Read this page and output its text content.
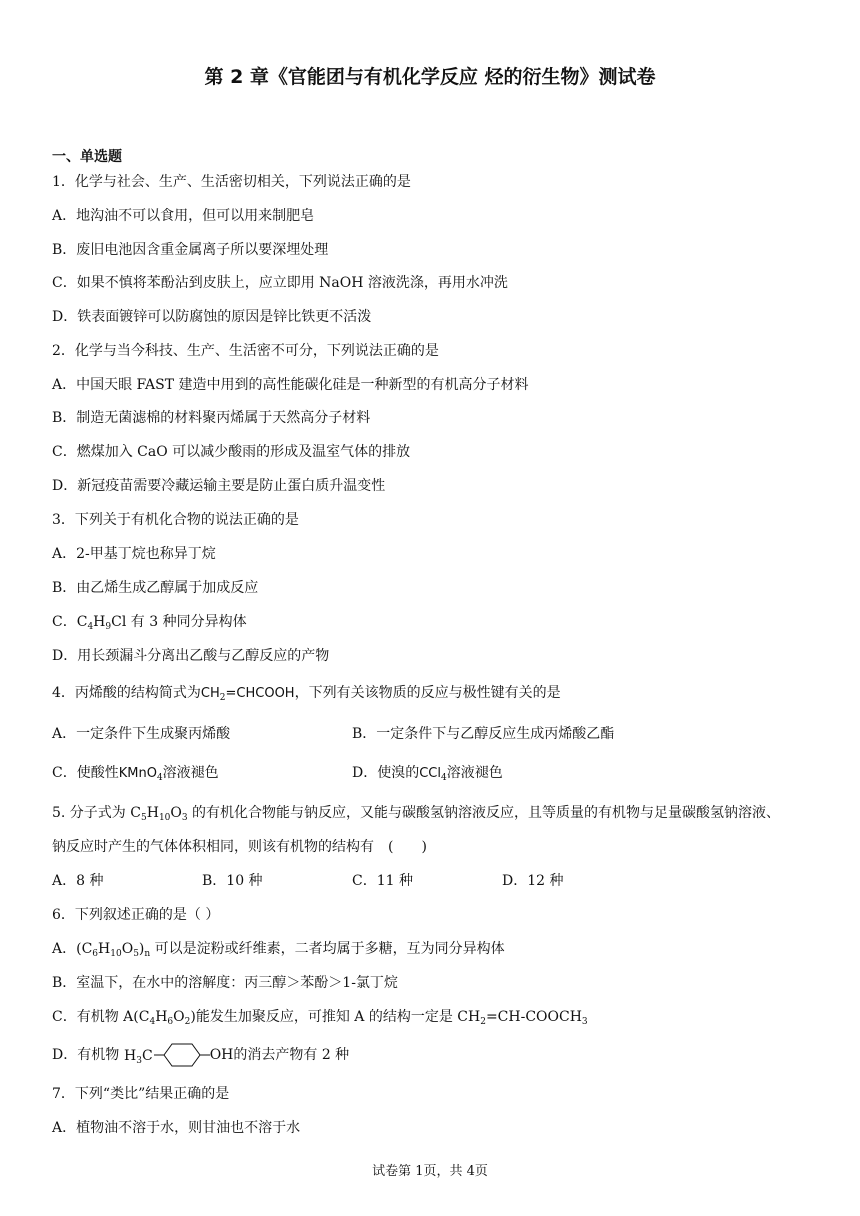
第 2 章《官能团与有机化学反应 烃的衍生物》测试卷
一、单选题
1．化学与社会、生产、生活密切相关，下列说法正确的是
A．地沟油不可以食用，但可以用来制肥皂
B．废旧电池因含重金属离子所以要深埋处理
C．如果不慎将苯酚沾到皮肤上，应立即用 NaOH 溶液洗涤，再用水冲洗
D．铁表面镀锌可以防腐蚀的原因是锌比铁更不活泼
2．化学与当今科技、生产、生活密不可分，下列说法正确的是
A．中国天眼 FAST 建造中用到的高性能碳化硅是一种新型的有机高分子材料
B．制造无菌滤棉的材料聚丙烯属于天然高分子材料
C．燃煤加入 CaO 可以减少酸雨的形成及温室气体的排放
D．新冠疫苗需要冷藏运输主要是防止蛋白质升温变性
3．下列关于有机化合物的说法正确的是
A．2-甲基丁烷也称异丁烷
B．由乙烯生成乙醇属于加成反应
C．$C_4H_9Cl$ 有 3 种同分异构体
D．用长颈漏斗分离出乙酸与乙醇反应的产物
4．丙烯酸的结构简式为$CH_2=CHCOOH$，下列有关该物质的反应与极性键有关的是
A．一定条件下生成聚丙烯酸	B．一定条件下与乙醇反应生成丙烯酸乙酯
C．使酸性KMnO$_4$溶液褪色	D．使溴的CCl$_4$溶液褪色
5. 分子式为 $C_5H_{10}O_3$ 的有机化合物能与钠反应，又能与碳酸氢钠溶液反应，且等质量的有机物与足量碳酸氢钠溶液、
钠反应时产生的气体体积相同，则该有机物的结构有　(　　)
A．8 种	B．10 种	C．11 种	D．12 种
6．下列叙述正确的是（ ）
A．$(C_6H_{10}O_5)_n$ 可以是淀粉或纤维素，二者均属于多糖，互为同分异构体
B．室温下，在水中的溶解度：丙三醇＞苯酚＞1-氯丁烷
C．有机物 $A(C_4H_6O_2)$能发生加聚反应，可推知 A 的结构一定是 $CH_2=CH-COOCH_3$
D．有机物 $H_3C$	OH的消去产物有 2 种
7．下列“类比”结果正确的是
A．植物油不溶于水，则甘油也不溶于水
试卷第 1页，共 4页
